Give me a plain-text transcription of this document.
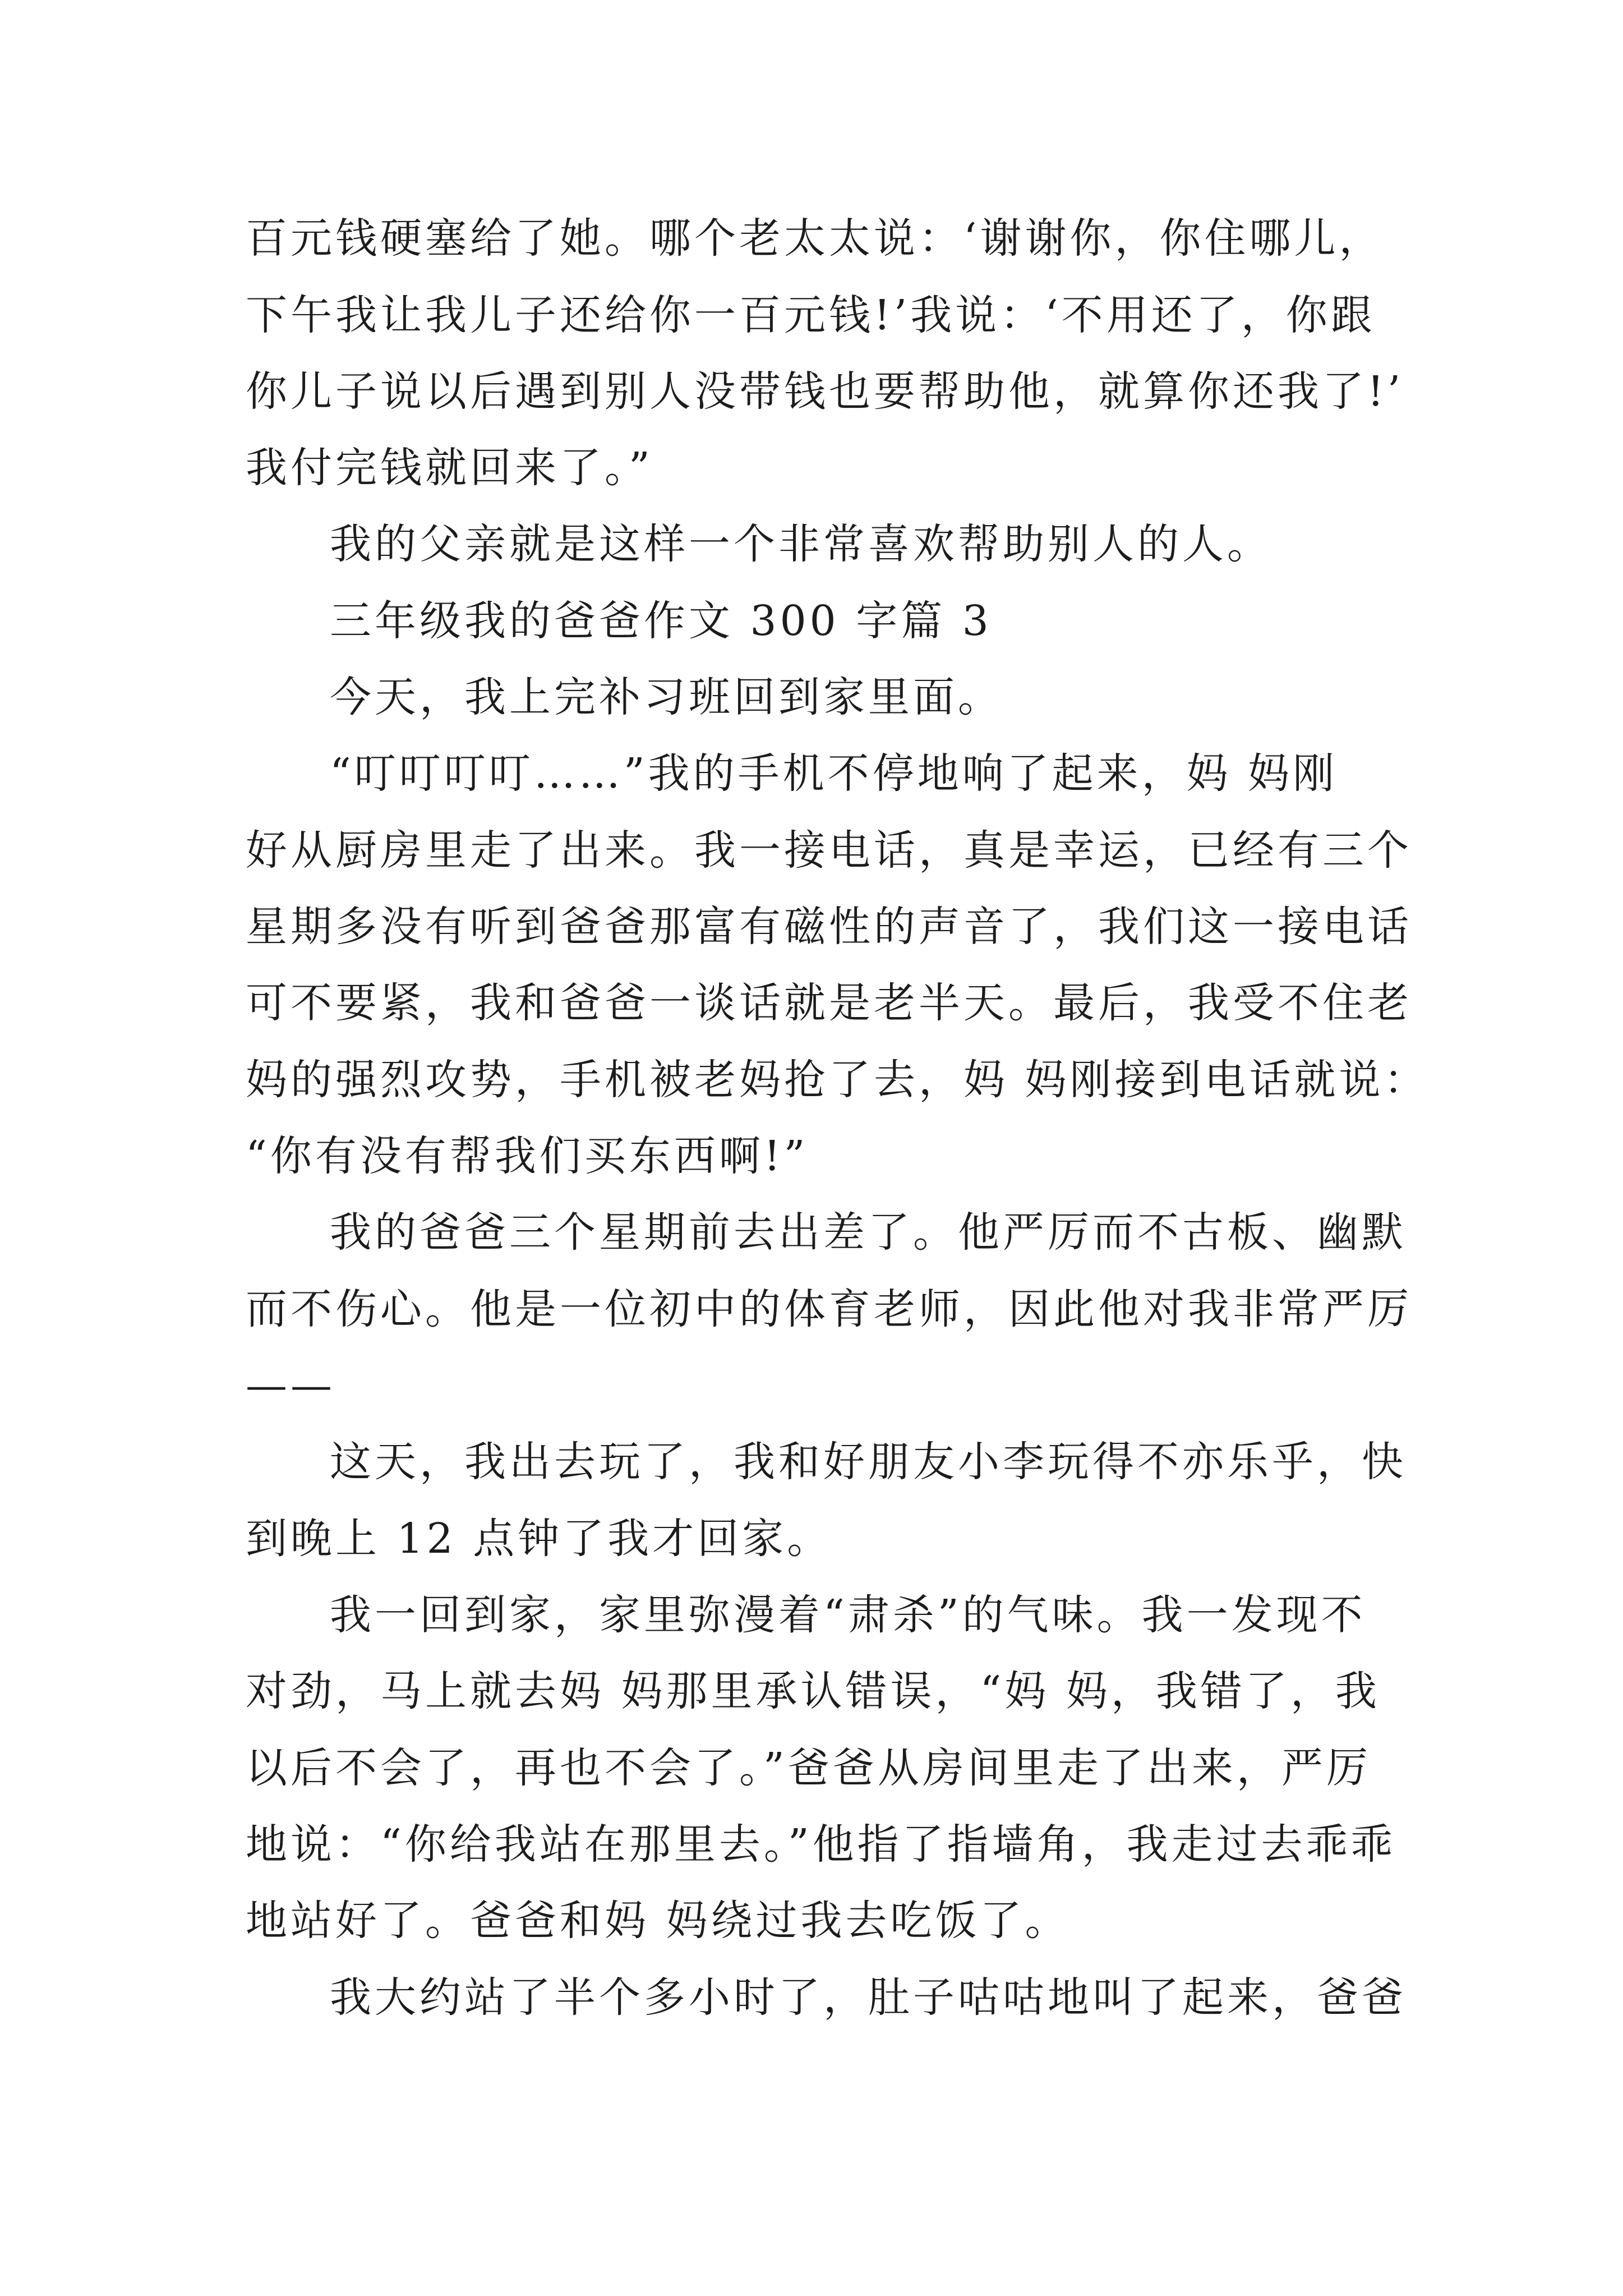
百元钱硬塞给了她。哪个老太太说：‘谢谢你，你住哪儿，
下午我让我儿子还给你一百元钱!’我说：‘不用还了，你跟
你儿子说以后遇到别人没带钱也要帮助他，就算你还我了!’
我付完钱就回来了。”
我的父亲就是这样一个非常喜欢帮助别人的人。
三年级我的爸爸作文 300 字篇 3
今天，我上完补习班回到家里面。
“叮叮叮叮……”我的手机不停地响了起来，妈 妈刚
好从厨房里走了出来。我一接电话，真是幸运，已经有三个
星期多没有听到爸爸那富有磁性的声音了，我们这一接电话
可不要紧，我和爸爸一谈话就是老半天。最后，我受不住老
妈的强烈攻势，手机被老妈抢了去，妈 妈刚接到电话就说：
“你有没有帮我们买东西啊!”
我的爸爸三个星期前去出差了。他严厉而不古板、幽默
而不伤心。他是一位初中的体育老师，因此他对我非常严厉
——
这天，我出去玩了，我和好朋友小李玩得不亦乐乎，快
到晚上 12 点钟了我才回家。
我一回到家，家里弥漫着“肃杀”的气味。我一发现不
对劲，马上就去妈 妈那里承认错误，“妈 妈，我错了，我
以后不会了，再也不会了。”爸爸从房间里走了出来，严厉
地说：“你给我站在那里去。”他指了指墙角，我走过去乖乖
地站好了。爸爸和妈 妈绕过我去吃饭了。
我大约站了半个多小时了，肚子咕咕地叫了起来，爸爸
